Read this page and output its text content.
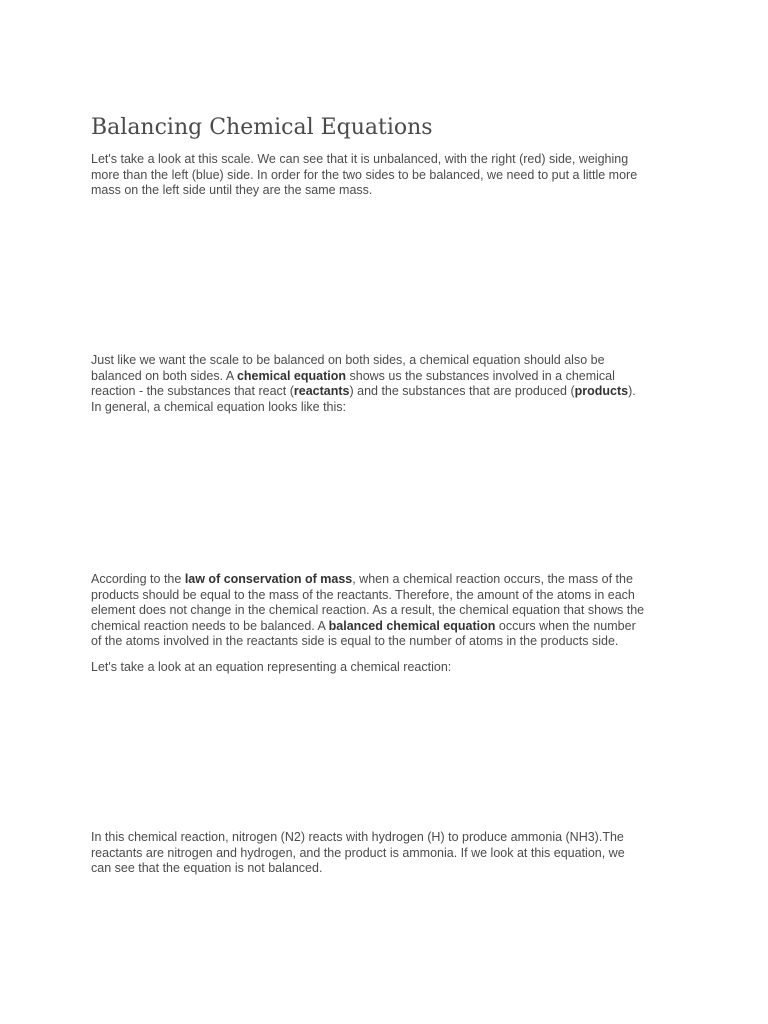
Balancing Chemical Equations

Let's take a look at this scale. We can see that it is unbalanced, with the right (red) side, weighing
more than the left (blue) side. In order for the two sides to be balanced, we need to put a little more
mass on the left side until they are the same mass.

Just like we want the scale to be balanced on both sides, a chemical equation should also be
balanced on both sides. A chemical equation shows us the substances involved in a chemical
reaction - the substances that react (reactants) and the substances that are produced (products).
In general, a chemical equation looks like this:

According to the law of conservation of mass, when a chemical reaction occurs, the mass of the
products should be equal to the mass of the reactants. Therefore, the amount of the atoms in each
element does not change in the chemical reaction. As a result, the chemical equation that shows the
chemical reaction needs to be balanced. A balanced chemical equation occurs when the number
of the atoms involved in the reactants side is equal to the number of atoms in the products side.

Let's take a look at an equation representing a chemical reaction:

In this chemical reaction, nitrogen (N2) reacts with hydrogen (H) to produce ammonia (NH3).The
reactants are nitrogen and hydrogen, and the product is ammonia. If we look at this equation, we
can see that the equation is not balanced.
